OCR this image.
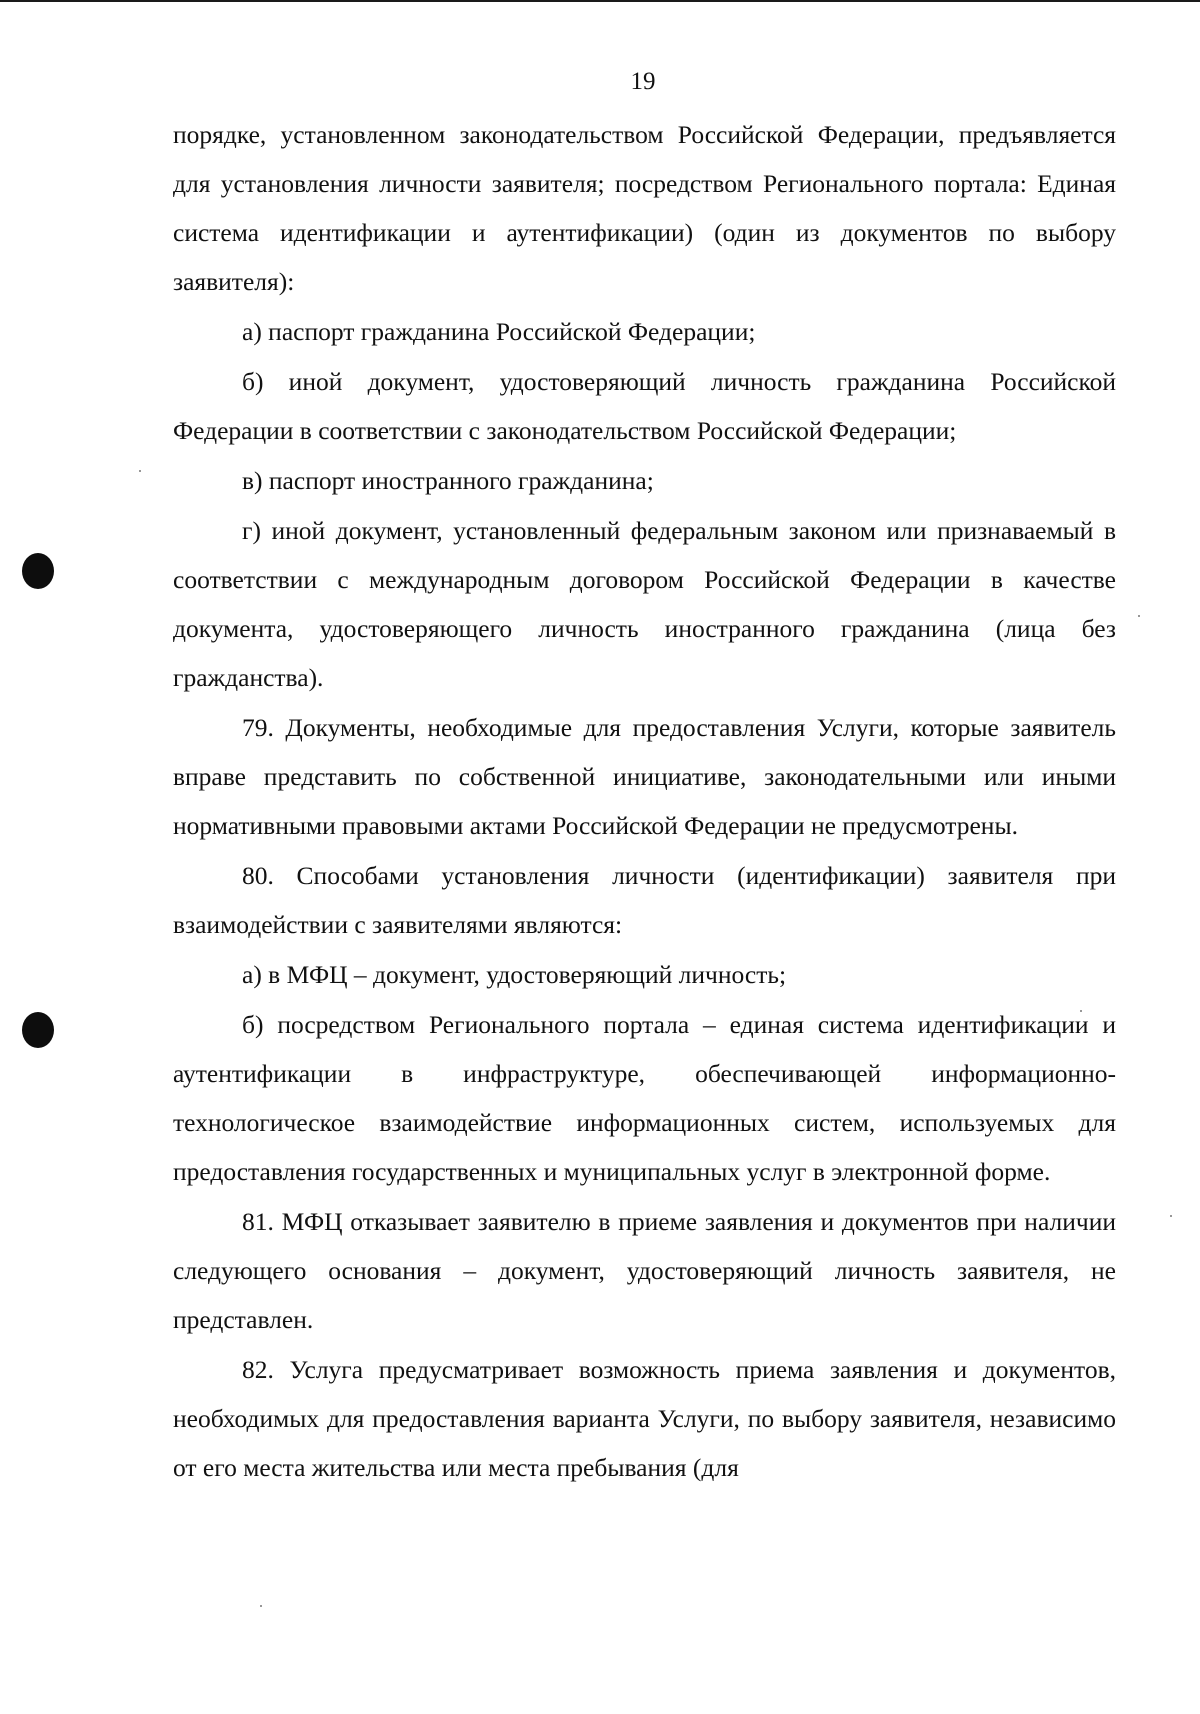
19

порядке, установленном законодательством Российской Федерации, предъявляется для установления личности заявителя; посредством Регионального портала: Единая система идентификации и аутентификации) (один из документов по выбору заявителя):

а) паспорт гражданина Российской Федерации;

б) иной документ, удостоверяющий личность гражданина Российской Федерации в соответствии с законодательством Российской Федерации;

в) паспорт иностранного гражданина;

г) иной документ, установленный федеральным законом или признаваемый в соответствии с международным договором Российской Федерации в качестве документа, удостоверяющего личность иностранного гражданина (лица без гражданства).

79. Документы, необходимые для предоставления Услуги, которые заявитель вправе представить по собственной инициативе, законодательными или иными нормативными правовыми актами Российской Федерации не предусмотрены.

80. Способами установления личности (идентификации) заявителя при взаимодействии с заявителями являются:

а) в МФЦ – документ, удостоверяющий личность;

б) посредством Регионального портала – единая система идентификации и аутентификации в инфраструктуре, обеспечивающей информационно-технологическое взаимодействие информационных систем, используемых для предоставления государственных и муниципальных услуг в электронной форме.

81. МФЦ отказывает заявителю в приеме заявления и документов при наличии следующего основания – документ, удостоверяющий личность заявителя, не представлен.

82. Услуга предусматривает возможность приема заявления и документов, необходимых для предоставления варианта Услуги, по выбору заявителя, независимо от его места жительства или места пребывания (для
